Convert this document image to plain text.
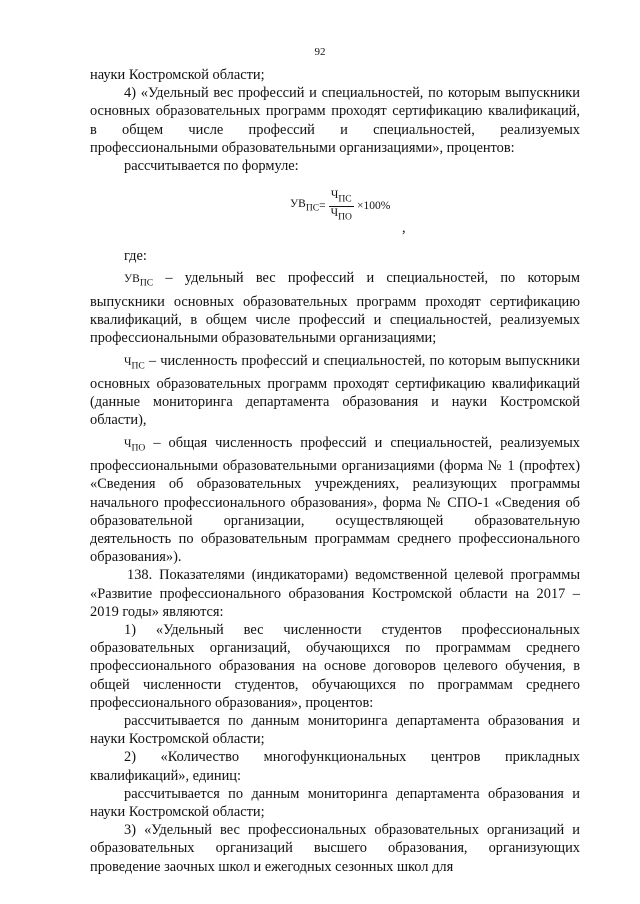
92

науки Костромской области;

4) «Удельный вес профессий и специальностей, по которым выпускники основных образовательных программ проходят сертификацию квалификаций, в общем числе профессий и специальностей, реализуемых профессиональными образовательными организациями», процентов:

рассчитывается по формуле:

$УВ_{ПС} = \frac{Ч_{ПС}}{Ч_{ПО}} \times 100\%$
,

где:

$УВ_{ПС}$ – удельный вес профессий и специальностей, по которым выпускники основных образовательных программ проходят сертификацию квалификаций, в общем числе профессий и специальностей, реализуемых профессиональными образовательными организациями;

$Ч_{ПС}$ – численность профессий и специальностей, по которым выпускники основных образовательных программ проходят сертификацию квалификаций (данные мониторинга департамента образования и науки Костромской области),

$Ч_{ПО}$ – общая численность профессий и специальностей, реализуемых профессиональными образовательными организациями (форма № 1 (профтех) «Сведения об образовательных учреждениях, реализующих программы начального профессионального образования», форма № СПО-1 «Сведения об образовательной организации, осуществляющей образовательную деятельность по образовательным программам среднего профессионального образования»).

138. Показателями (индикаторами) ведомственной целевой программы «Развитие профессионального образования Костромской области на 2017 – 2019 годы» являются:

1) «Удельный вес численности студентов профессиональных образовательных организаций, обучающихся по программам среднего профессионального образования на основе договоров целевого обучения, в общей численности студентов, обучающихся по программам среднего профессионального образования», процентов:

рассчитывается по данным мониторинга департамента образования и науки Костромской области;

2) «Количество многофункциональных центров прикладных квалификаций», единиц:

рассчитывается по данным мониторинга департамента образования и науки Костромской области;

3) «Удельный вес профессиональных образовательных организаций и образовательных организаций высшего образования, организующих проведение заочных школ и ежегодных сезонных школ для
